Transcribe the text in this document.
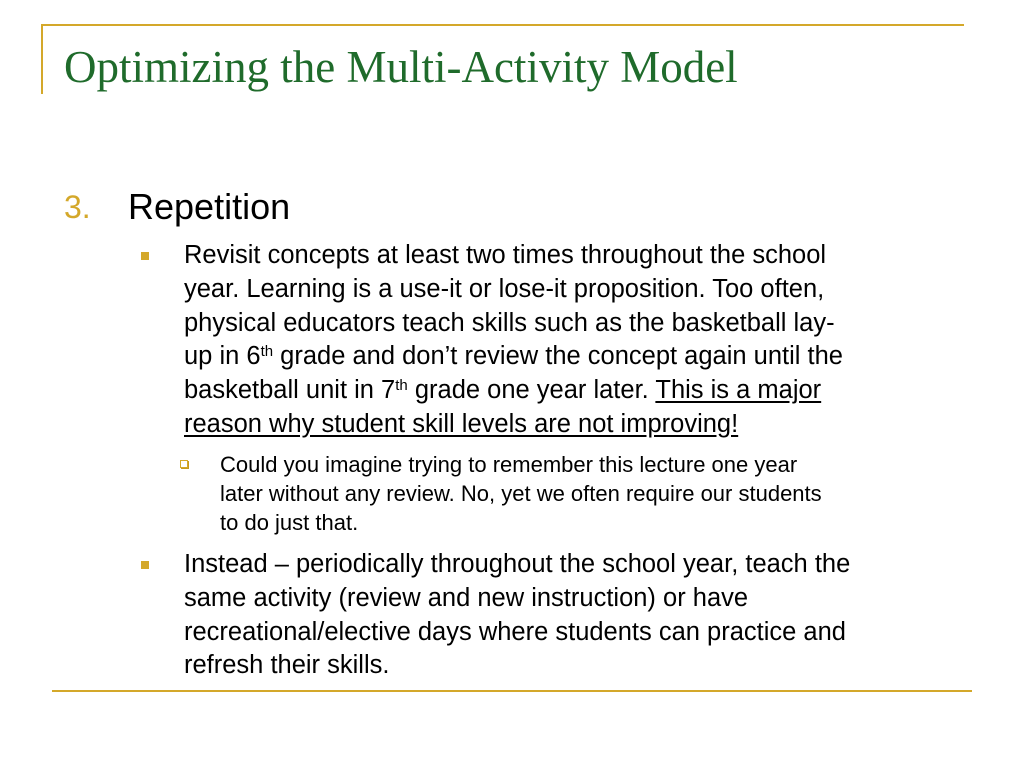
Optimizing the Multi-Activity Model
3. Repetition

Revisit concepts at least two times throughout the school
year. Learning is a use-it or lose-it proposition. Too often,
physical educators teach skills such as the basketball lay-
up in 6th grade and don’t review the concept again until the
basketball unit in 7th grade one year later. This is a major
reason why student skill levels are not improving!

Could you imagine trying to remember this lecture one year
later without any review. No, yet we often require our students
to do just that.

Instead – periodically throughout the school year, teach the
same activity (review and new instruction) or have
recreational/elective days where students can practice and
refresh their skills.
